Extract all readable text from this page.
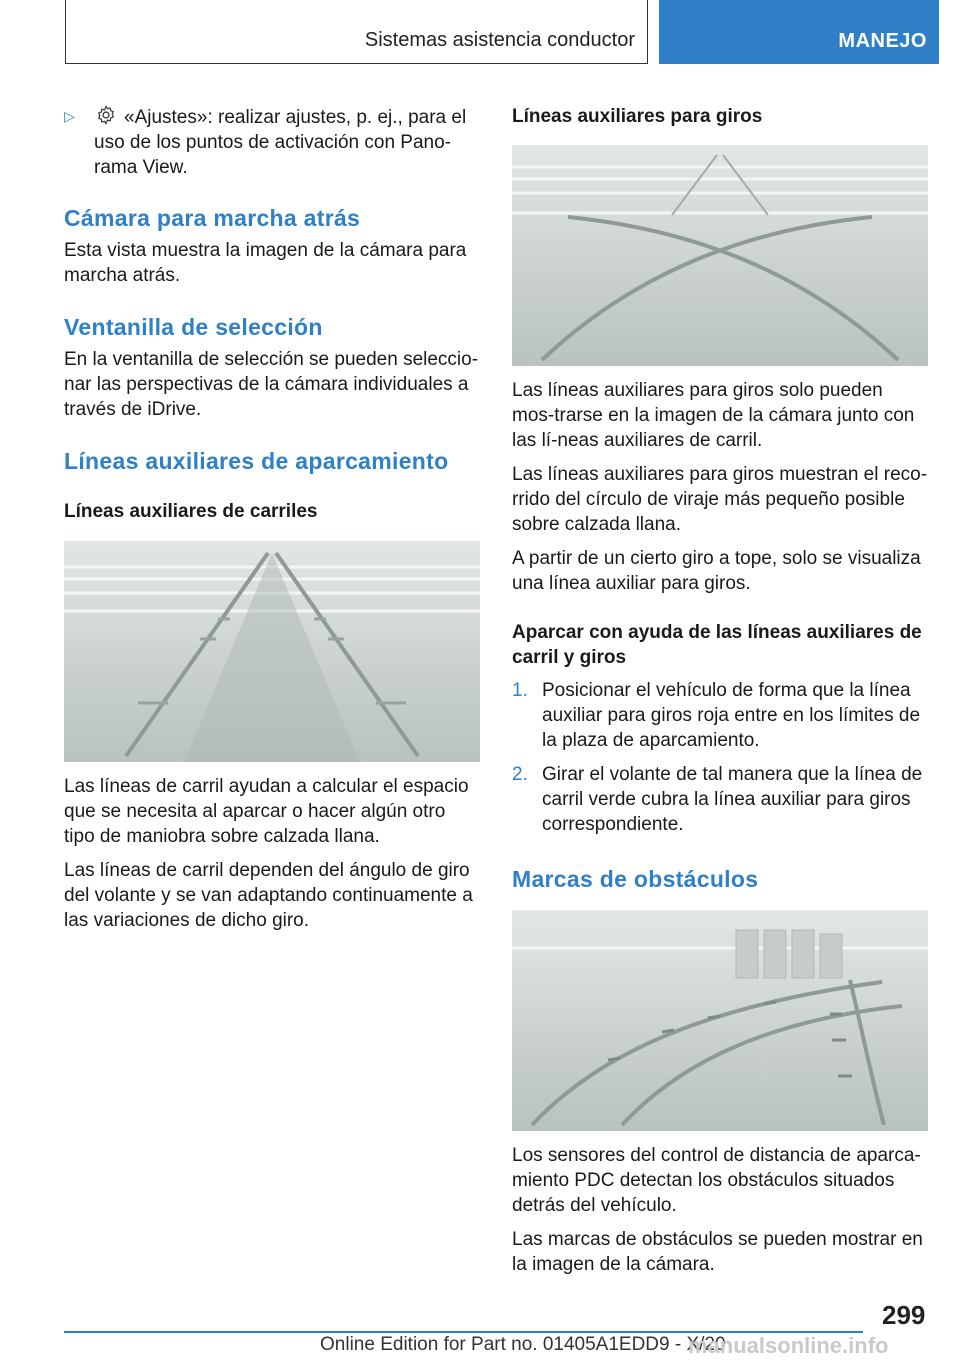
Sistemas asistencia conductor	MANEJO
▷	«Ajustes»: realizar ajustes, p. ej., para el uso de los puntos de activación con Pano-rama View.

Cámara para marcha atrás

Esta vista muestra la imagen de la cámara para marcha atrás.

Ventanilla de selección

En la ventanilla de selección se pueden seleccio-nar las perspectivas de la cámara individuales a través de iDrive.

Líneas auxiliares de aparcamiento
Líneas auxiliares de carriles

Las líneas de carril ayudan a calcular el espacio que se necesita al aparcar o hacer algún otro tipo de maniobra sobre calzada llana.

Las líneas de carril dependen del ángulo de giro del volante y se van adaptando continuamente a las variaciones de dicho giro.

Líneas auxiliares para giros

Las líneas auxiliares para giros solo pueden mos-trarse en la imagen de la cámara junto con las lí-neas auxiliares de carril.

Las líneas auxiliares para giros muestran el reco-rrido del círculo de viraje más pequeño posible sobre calzada llana.

A partir de un cierto giro a tope, solo se visualiza una línea auxiliar para giros.

Aparcar con ayuda de las líneas auxiliares de carril y giros
1. Posicionar el vehículo de forma que la línea auxiliar para giros roja entre en los límites de la plaza de aparcamiento.
2. Girar el volante de tal manera que la línea de carril verde cubra la línea auxiliar para giros correspondiente.
Marcas de obstáculos

Los sensores del control de distancia de aparca-miento PDC detectan los obstáculos situados detrás del vehículo.

Las marcas de obstáculos se pueden mostrar en la imagen de la cámara.

299
Online Edition for Part no. 01405A1EDD9 - X/20
manualsonline.info
